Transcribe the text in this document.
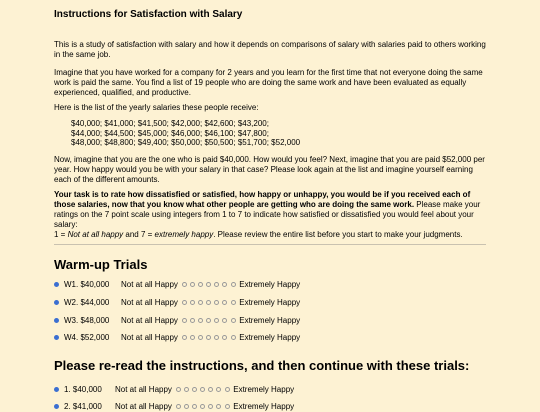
Instructions for Satisfaction with Salary

This is a study of satisfaction with salary and how it depends on comparisons of salary with salaries paid to others working in the same job.

Imagine that you have worked for a company for 2 years and you learn for the first time that not everyone doing the same work is paid the same. You find a list of 19 people who are doing the same work and have been evaluated as equally experienced, qualified, and productive.

Here is the list of the yearly salaries these people receive:

$40,000; $41,000; $41,500; $42,000; $42,600; $43,200;
$44,000; $44,500; $45,000; $46,000; $46,100; $47,800;
$48,000; $48,800; $49,400; $50,000; $50,500; $51,700; $52,000

Now, imagine that you are the one who is paid $40,000. How would you feel? Next, imagine that you are paid $52,000 per year. How happy would you be with your salary in that case? Please look again at the list and imagine yourself earning each of the different amounts.

Your task is to rate how dissatisfied or satisfied, how happy or unhappy, you would be if you received each of those salaries, now that you know what other people are getting who are doing the same work. Please make your ratings on the 7 point scale using integers from 1 to 7 to indicate how satisfied or dissatisfied you would feel about your salary:
1 = Not at all happy and 7 = extremely happy. Please review the entire list before you start to make your judgments.

Warm-up Trials
W1. $40,000	Not at all Happy	Extremely Happy
W2. $44,000	Not at all Happy	Extremely Happy
W3. $48,000	Not at all Happy	Extremely Happy
W4. $52,000	Not at all Happy	Extremely Happy
Please re-read the instructions, and then continue with these trials:
1. $40,000	Not at all Happy	Extremely Happy
2. $41,000	Not at all Happy	Extremely Happy
